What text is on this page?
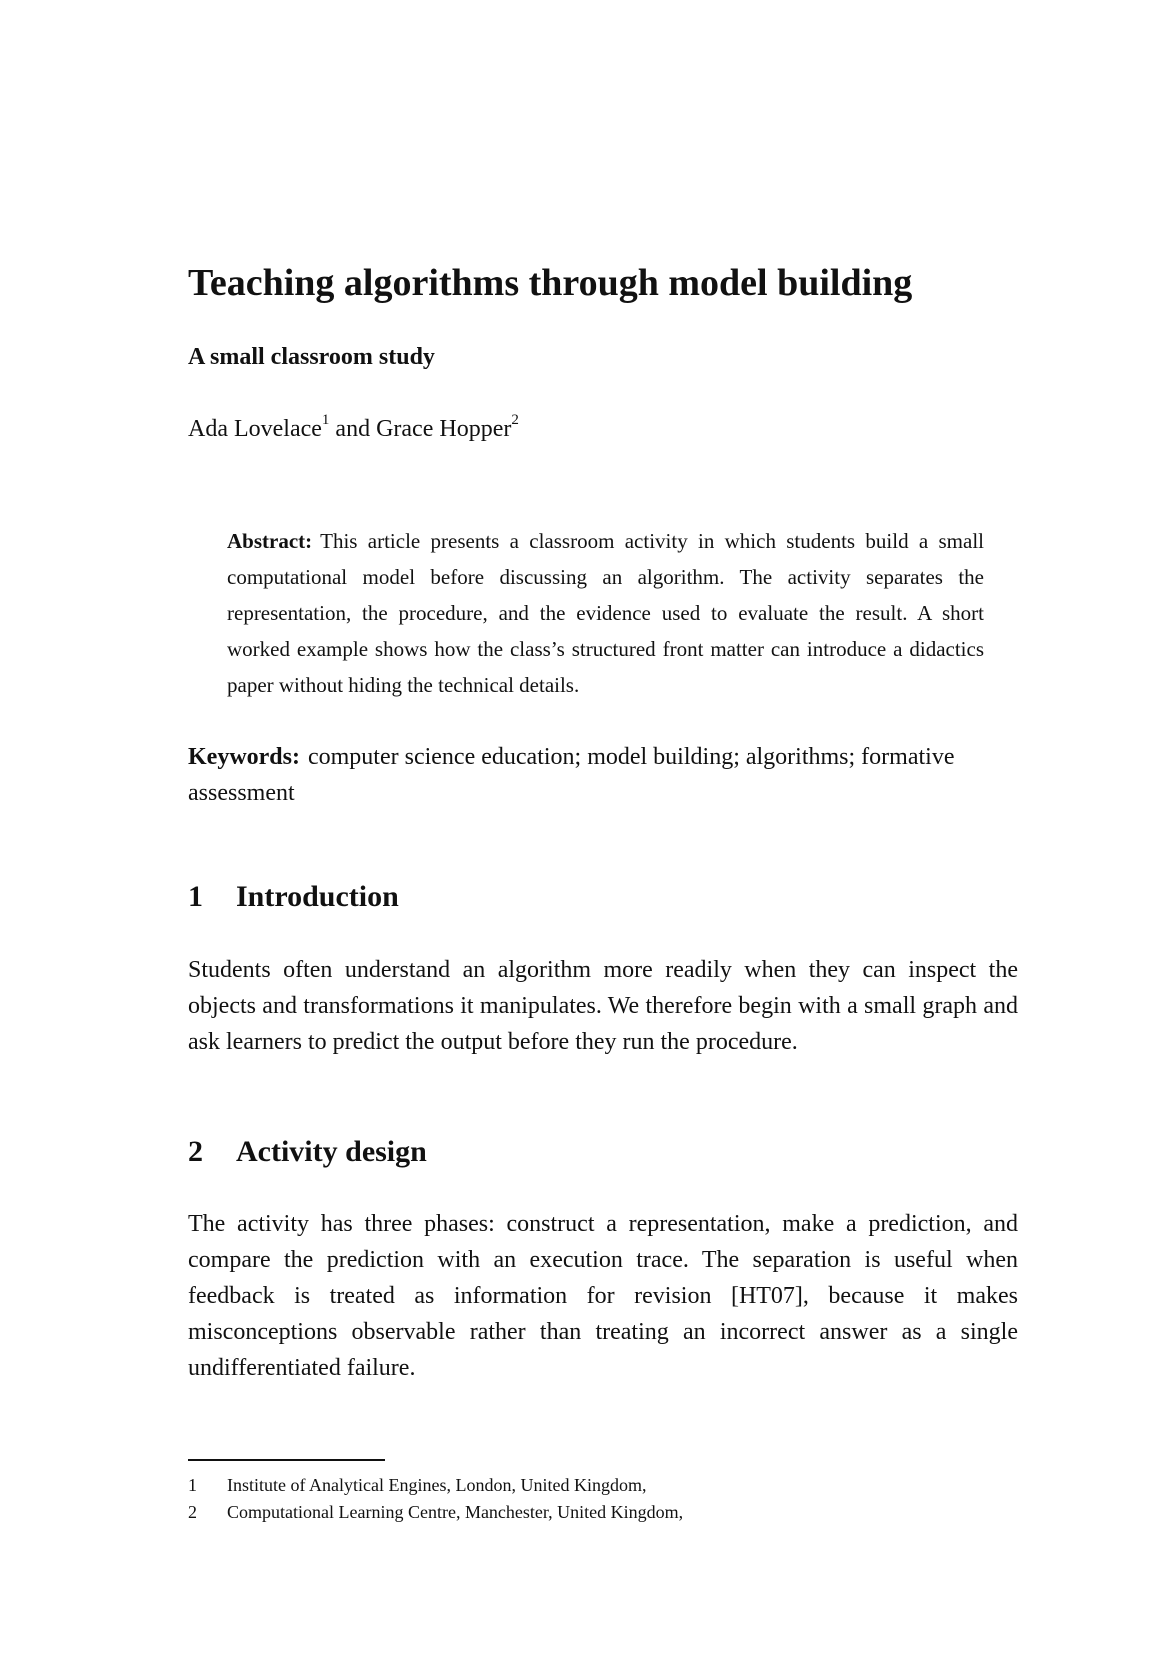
Teaching algorithms through model building
A small classroom study

Ada Lovelace$^1$ and Grace Hopper$^2$

Abstract: This article presents a classroom activity in which students build a small computational model before discussing an algorithm. The activity separates the representation, the procedure, and the evidence used to evaluate the result. A short worked example shows how the class’s structured front matter can introduce a didactics paper without hiding the technical details.

Keywords: computer science education; model building; algorithms; formative assessment

1 Introduction

Students often understand an algorithm more readily when they can inspect the objects and transformations it manipulates. We therefore begin with a small graph and ask learners to predict the output before they run the procedure.

2 Activity design

The activity has three phases: construct a representation, make a prediction, and compare the prediction with an execution trace. The separation is useful when feedback is treated as information for revision [HT07], because it makes misconceptions observable rather than treating an incorrect answer as a single undifferentiated failure.

1 Institute of Analytical Engines, London, United Kingdom,
2 Computational Learning Centre, Manchester, United Kingdom,
